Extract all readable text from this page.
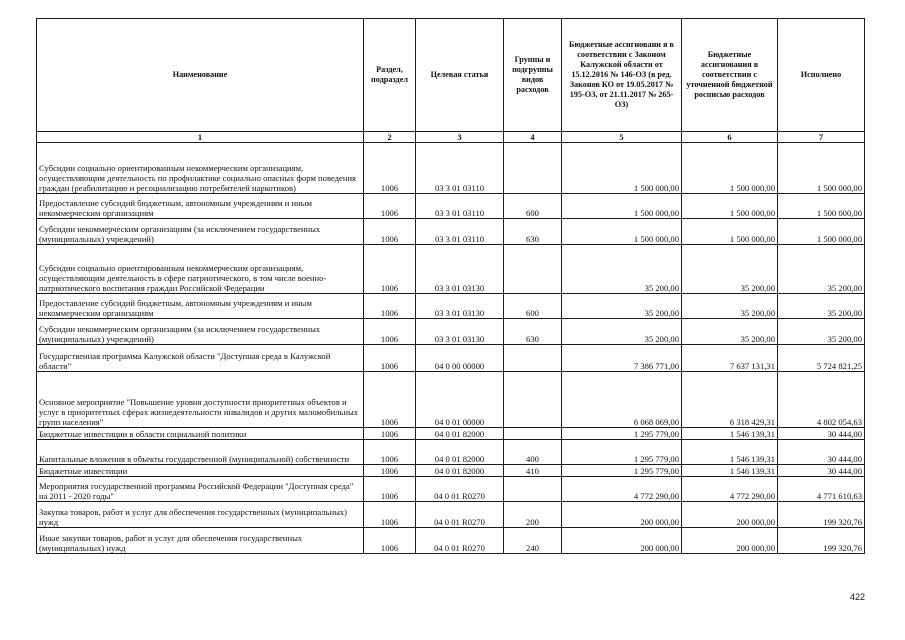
Наименование	Раздел, подраздел	Целевая статья	Группы и подгруппы видов расходов	Бюджетные ассигновани я в соответствии с Законом Калужской области от 15.12.2016 № 146-ОЗ (в ред. Законов КО от 19.05.2017 № 195-ОЗ, от 21.11.2017 № 265-ОЗ)	Бюджетные ассигнования в соответствии с уточненной бюджетной росписью расходов	Исполнено
1	2	3	4	5	6	7
Субсидии социально ориентированным некоммерческим организациям, осуществляющим деятельность по профилактике социально опасных форм поведения граждан (реабилитацию и ресоциализацию потребителей наркотиков)	1006	03 3 01 03110		1 500 000,00	1 500 000,00	1 500 000,00
Предоставление субсидий бюджетным, автономным учреждениям и иным некоммерческим организациям	1006	03 3 01 03110	600	1 500 000,00	1 500 000,00	1 500 000,00
Субсидии некоммерческим организациям (за исключением государственных (муниципальных) учреждений)	1006	03 3 01 03110	630	1 500 000,00	1 500 000,00	1 500 000,00
Субсидии социально ориентированным некоммерческим организациям, осуществляющим деятельность в сфере патриотического, в том числе военно-патриотического воспитания граждан Российской Федерации	1006	03 3 01 03130		35 200,00	35 200,00	35 200,00
Предоставление субсидий бюджетным, автономным учреждениям и иным некоммерческим организациям	1006	03 3 01 03130	600	35 200,00	35 200,00	35 200,00
Субсидии некоммерческим организациям (за исключением государственных (муниципальных) учреждений)	1006	03 3 01 03130	630	35 200,00	35 200,00	35 200,00
Государственная программа Калужской области "Доступная среда в Калужской области"	1006	04 0 00 00000		7 386 771,00	7 637 131,31	5 724 821,25
Основное мероприятие "Повышение уровня доступности приоритетных объектов и услуг в приоритетных сферах жизнедеятельности инвалидов и других маломобильных групп населения"	1006	04 0 01 00000		6 068 069,00	6 318 429,31	4 802 054,63
Бюджетные инвестиции в области социальной политики	1006	04 0 01 82000		1 295 779,00	1 546 139,31	30 444,00
Капитальные вложения в объекты государственной (муниципальной) собственности	1006	04 0 01 82000	400	1 295 779,00	1 546 139,31	30 444,00
Бюджетные инвестиции	1006	04 0 01 82000	410	1 295 779,00	1 546 139,31	30 444,00
Мероприятия государственной программы Российской Федерации "Доступная среда" на 2011 - 2020 годы"	1006	04 0 01 R0270		4 772 290,00	4 772 290,00	4 771 610,63
Закупка товаров, работ и услуг для обеспечения государственных (муниципальных) нужд	1006	04 0 01 R0270	200	200 000,00	200 000,00	199 320,76
Иные закупки товаров, работ и услуг для обеспечения государственных (муниципальных) нужд	1006	04 0 01 R0270	240	200 000,00	200 000,00	199 320,76
422
